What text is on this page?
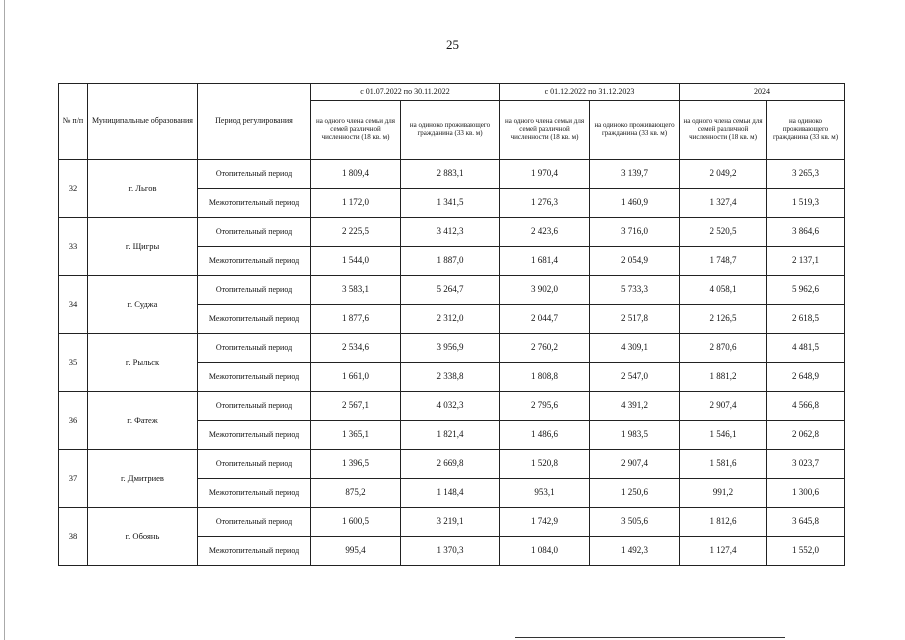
25
№ п/п	Муниципальные образования	Период регулирования	с 01.07.2022 по 30.11.2022		с 01.12.2022 по 31.12.2023		2024	
			на одного члена семьи для семей различной численности (18 кв. м)	на одиноко проживающего гражданина (33 кв. м)	на одного члена семьи для семей различной численности (18 кв. м)	на одиноко проживающего гражданина (33 кв. м)	на одного члена семьи для семей различной численности (18 кв. м)	на одиноко проживающего гражданина (33 кв. м)
32	г. Льгов	Отопительный период	1 809,4	2 883,1	1 970,4	3 139,7	2 049,2	3 265,3
		Межотопительный период	1 172,0	1 341,5	1 276,3	1 460,9	1 327,4	1 519,3
33	г. Щигры	Отопительный период	2 225,5	3 412,3	2 423,6	3 716,0	2 520,5	3 864,6
		Межотопительный период	1 544,0	1 887,0	1 681,4	2 054,9	1 748,7	2 137,1
34	г. Суджа	Отопительный период	3 583,1	5 264,7	3 902,0	5 733,3	4 058,1	5 962,6
		Межотопительный период	1 877,6	2 312,0	2 044,7	2 517,8	2 126,5	2 618,5
35	г. Рыльск	Отопительный период	2 534,6	3 956,9	2 760,2	4 309,1	2 870,6	4 481,5
		Межотопительный период	1 661,0	2 338,8	1 808,8	2 547,0	1 881,2	2 648,9
36	г. Фатеж	Отопительный период	2 567,1	4 032,3	2 795,6	4 391,2	2 907,4	4 566,8
		Межотопительный период	1 365,1	1 821,4	1 486,6	1 983,5	1 546,1	2 062,8
37	г. Дмитриев	Отопительный период	1 396,5	2 669,8	1 520,8	2 907,4	1 581,6	3 023,7
		Межотопительный период	875,2	1 148,4	953,1	1 250,6	991,2	1 300,6
38	г. Обоянь	Отопительный период	1 600,5	3 219,1	1 742,9	3 505,6	1 812,6	3 645,8
		Межотопительный период	995,4	1 370,3	1 084,0	1 492,3	1 127,4	1 552,0
